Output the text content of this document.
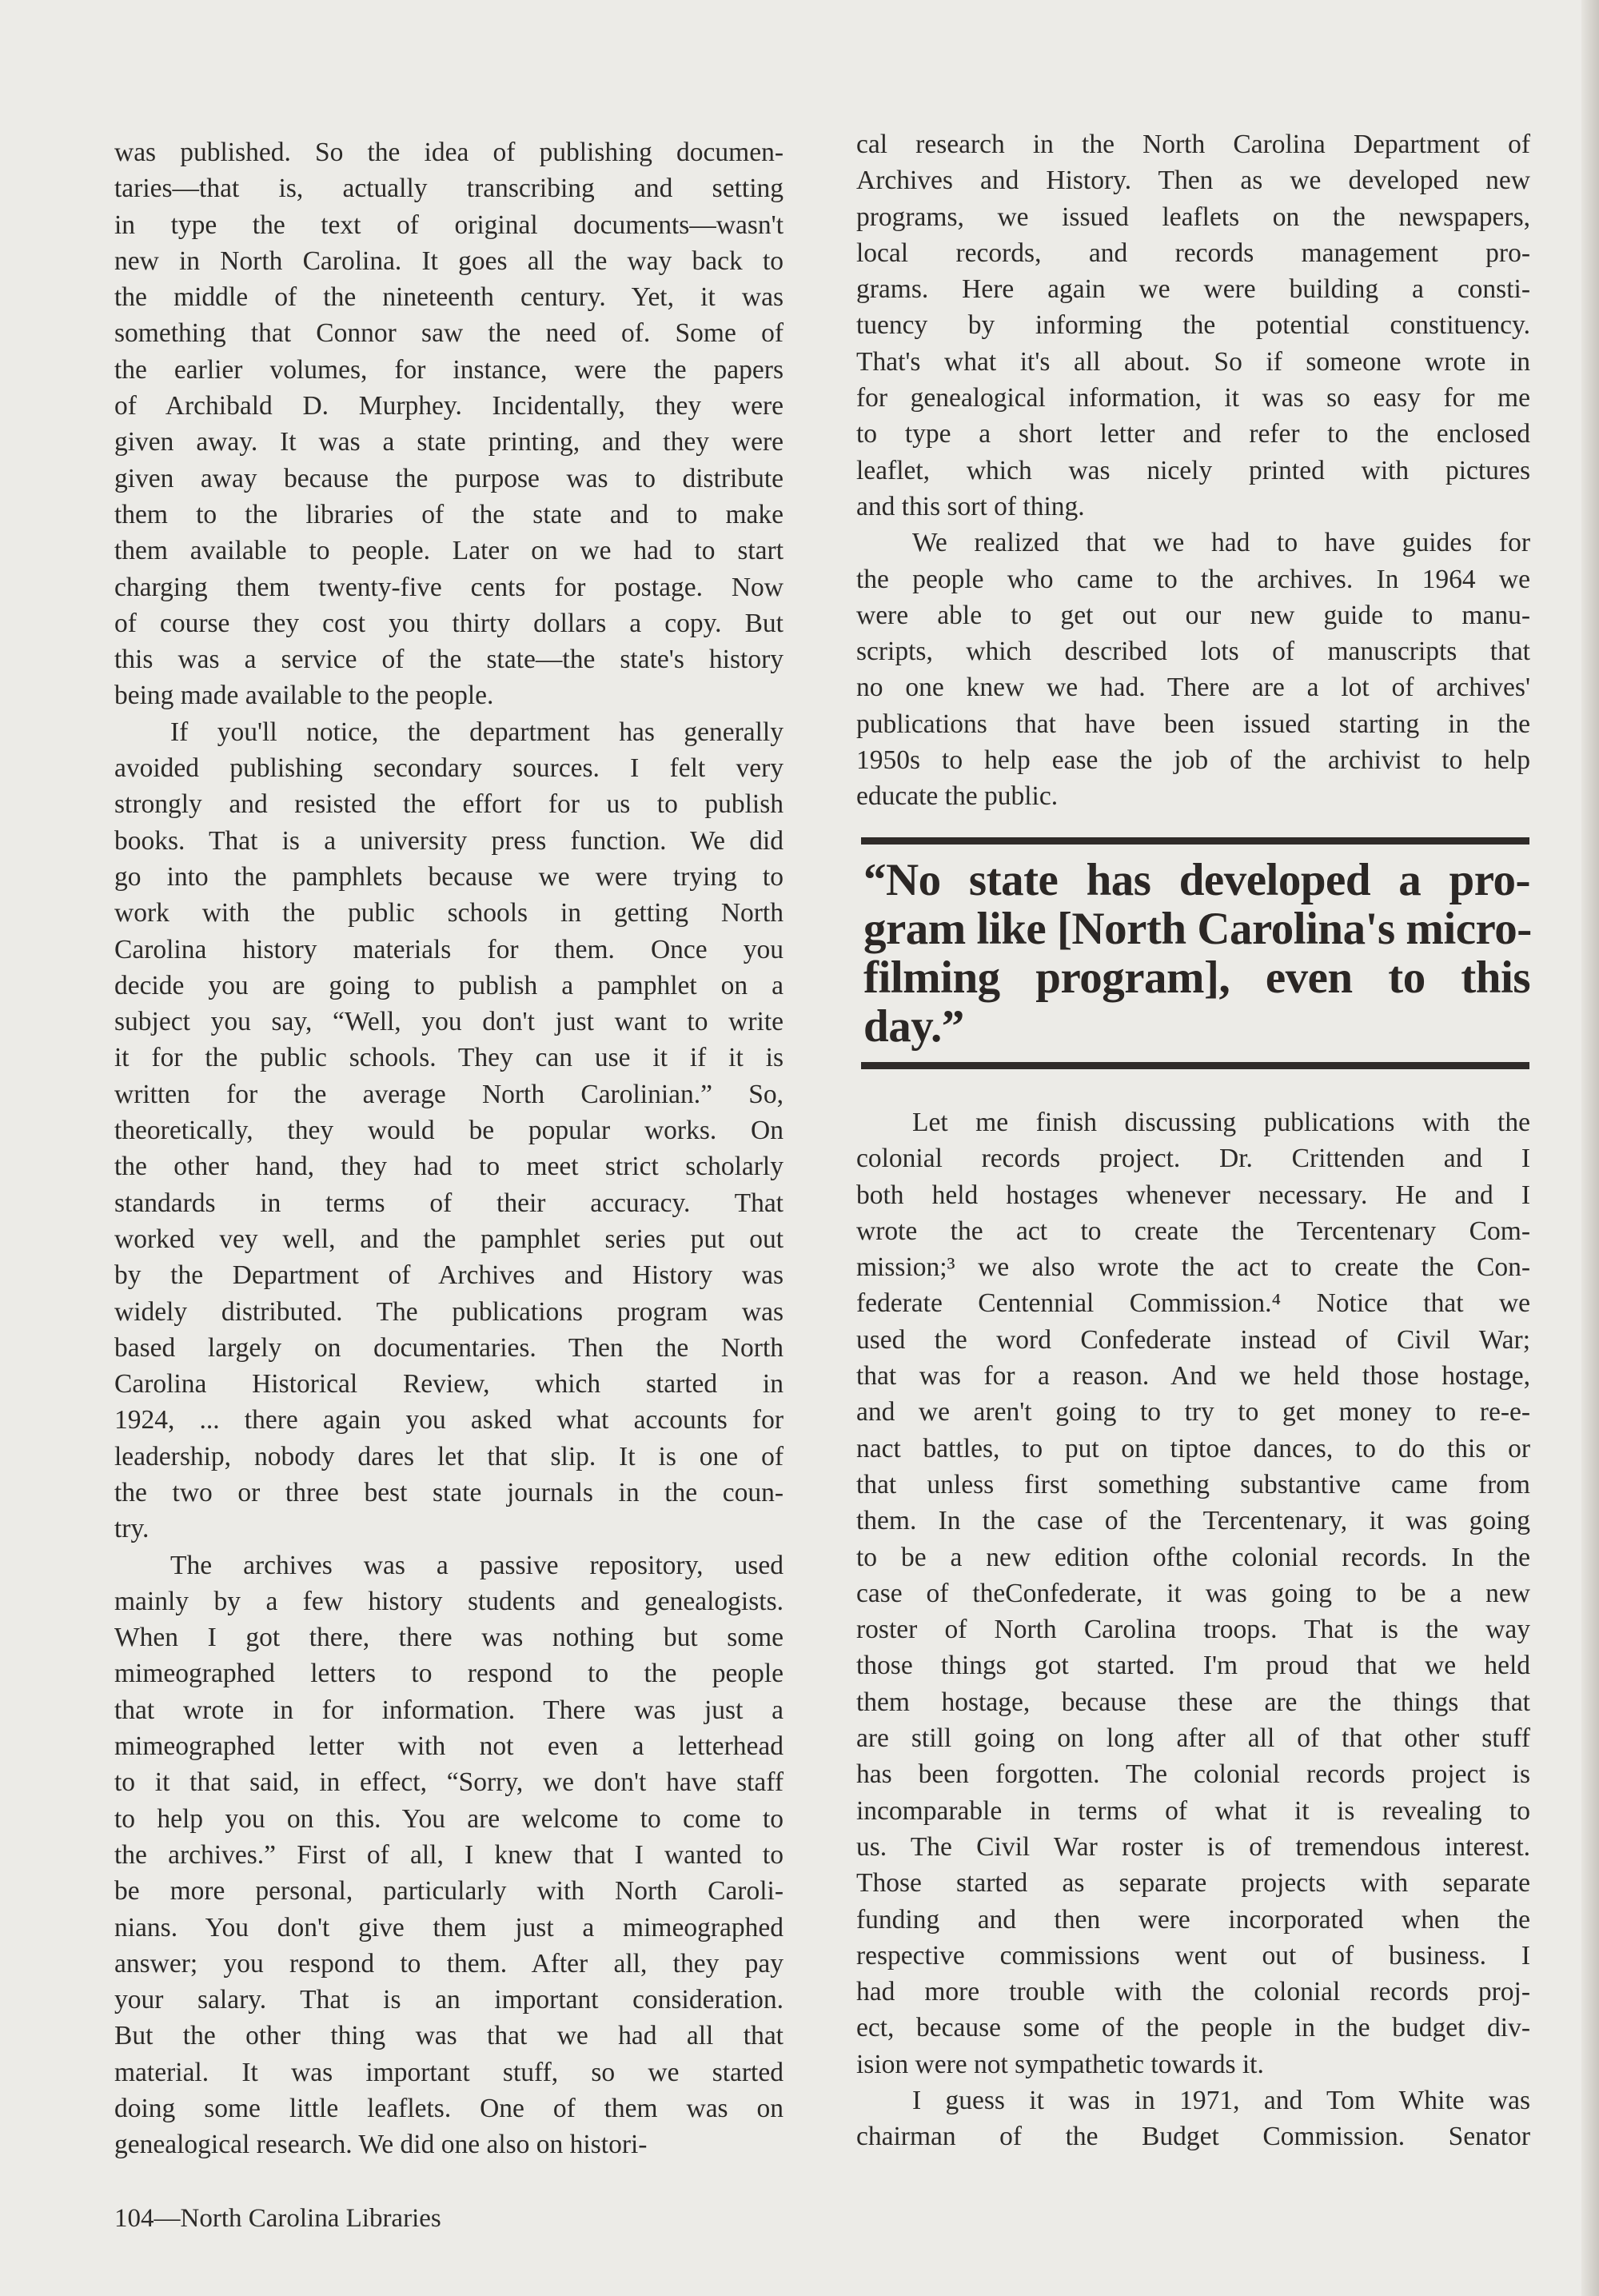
was published. So the idea of publishing documen-
taries—that is, actually transcribing and setting
in type the text of original documents—wasn't
new in North Carolina. It goes all the way back to
the middle of the nineteenth century. Yet, it was
something that Connor saw the need of. Some of
the earlier volumes, for instance, were the papers
of Archibald D. Murphey. Incidentally, they were
given away. It was a state printing, and they were
given away because the purpose was to distribute
them to the libraries of the state and to make
them available to people. Later on we had to start
charging them twenty-five cents for postage. Now
of course they cost you thirty dollars a copy. But
this was a service of the state—the state's history
being made available to the people.
If you'll notice, the department has generally
avoided publishing secondary sources. I felt very
strongly and resisted the effort for us to publish
books. That is a university press function. We did
go into the pamphlets because we were trying to
work with the public schools in getting North
Carolina history materials for them. Once you
decide you are going to publish a pamphlet on a
subject you say, “Well, you don't just want to write
it for the public schools. They can use it if it is
written for the average North Carolinian.” So,
theoretically, they would be popular works. On
the other hand, they had to meet strict scholarly
standards in terms of their accuracy. That
worked vey well, and the pamphlet series put out
by the Department of Archives and History was
widely distributed. The publications program was
based largely on documentaries. Then the North
Carolina Historical Review, which started in
1924, ... there again you asked what accounts for
leadership, nobody dares let that slip. It is one of
the two or three best state journals in the coun-
try.
The archives was a passive repository, used
mainly by a few history students and genealogists.
When I got there, there was nothing but some
mimeographed letters to respond to the people
that wrote in for information. There was just a
mimeographed letter with not even a letterhead
to it that said, in effect, “Sorry, we don't have staff
to help you on this. You are welcome to come to
the archives.” First of all, I knew that I wanted to
be more personal, particularly with North Caroli-
nians. You don't give them just a mimeographed
answer; you respond to them. After all, they pay
your salary. That is an important consideration.
But the other thing was that we had all that
material. It was important stuff, so we started
doing some little leaflets. One of them was on
genealogical research. We did one also on histori-
cal research in the North Carolina Department of
Archives and History. Then as we developed new
programs, we issued leaflets on the newspapers,
local records, and records management pro-
grams. Here again we were building a consti-
tuency by informing the potential constituency.
That's what it's all about. So if someone wrote in
for genealogical information, it was so easy for me
to type a short letter and refer to the enclosed
leaflet, which was nicely printed with pictures
and this sort of thing.
We realized that we had to have guides for
the people who came to the archives. In 1964 we
were able to get out our new guide to manu-
scripts, which described lots of manuscripts that
no one knew we had. There are a lot of archives'
publications that have been issued starting in the
1950s to help ease the job of the archivist to help
educate the public.
“No state has developed a pro-
gram like [North Carolina's micro-
filming program], even to this
day.”
Let me finish discussing publications with the
colonial records project. Dr. Crittenden and I
both held hostages whenever necessary. He and I
wrote the act to create the Tercentenary Com-
mission;³ we also wrote the act to create the Con-
federate Centennial Commission.⁴ Notice that we
used the word Confederate instead of Civil War;
that was for a reason. And we held those hostage,
and we aren't going to try to get money to re-e-
nact battles, to put on tiptoe dances, to do this or
that unless first something substantive came from
them. In the case of the Tercentenary, it was going
to be a new edition ofthe colonial records. In the
case of theConfederate, it was going to be a new
roster of North Carolina troops. That is the way
those things got started. I'm proud that we held
them hostage, because these are the things that
are still going on long after all of that other stuff
has been forgotten. The colonial records project is
incomparable in terms of what it is revealing to
us. The Civil War roster is of tremendous interest.
Those started as separate projects with separate
funding and then were incorporated when the
respective commissions went out of business. I
had more trouble with the colonial records proj-
ect, because some of the people in the budget div-
ision were not sympathetic towards it.
I guess it was in 1971, and Tom White was
chairman of the Budget Commission. Senator
104—North Carolina Libraries
